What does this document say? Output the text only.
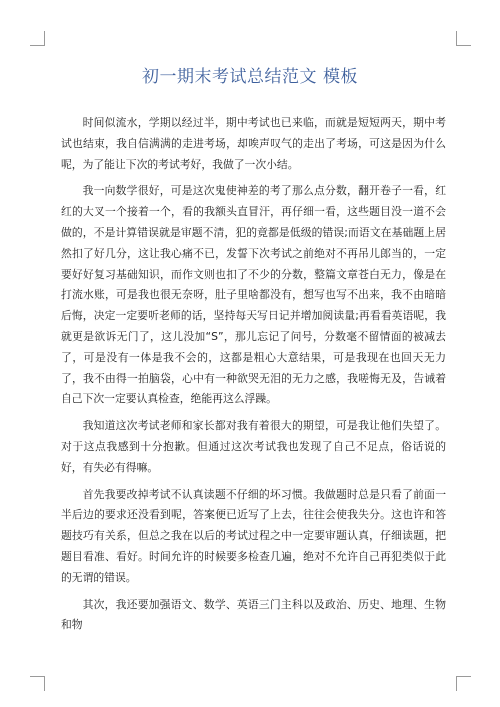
初一期末考试总结范文 模板

时间似流水，学期以经过半，期中考试也已来临，而就是短短两天，期中考试也结束，我自信满满的走进考场，却唉声叹气的走出了考场，可这是因为什么呢，为了能让下次的考试考好，我做了一次小结。

我一向数学很好，可是这次鬼使神差的考了那么点分数，翻开卷子一看，红红的大叉一个接着一个，看的我额头直冒汗，再仔细一看，这些题目没一道不会做的，不是计算错误就是审题不清，犯的竟都是低级的错误;而语文在基础题上居然扣了好几分，这让我心痛不已，发誓下次考试之前绝对不再吊儿郎当的，一定要好好复习基础知识，而作文则也扣了不少的分数，整篇文章苍白无力，像是在打流水账，可是我也很无奈呀，肚子里啥都没有，想写也写不出来，我不由暗暗后悔，决定一定要听老师的话，坚持每天写日记并增加阅读量;再看看英语呢，我就更是欲诉无门了，这儿没加“S”，那儿忘记了问号，分数毫不留情面的被减去了，可是没有一体是我不会的，这都是粗心大意结果，可是我现在也回天无力了，我不由得一拍脑袋，心中有一种欲哭无泪的无力之感，我嗟悔无及，告诫着自己下次一定要认真检查，绝能再这么浮躁。

我知道这次考试老师和家长都对我有着很大的期望，可是我让他们失望了。对于这点我感到十分抱歉。但通过这次考试我也发现了自己不足点，俗话说的好，有失必有得嘛。

首先我要改掉考试不认真读题不仔细的坏习惯。我做题时总是只看了前面一半后边的要求还没看到呢，答案便已近写了上去，往往会使我失分。这也许和答题技巧有关系，但总之我在以后的考试过程之中一定要审题认真，仔细读题，把题目看准、看好。时间允许的时候要多检查几遍，绝对不允许自己再犯类似于此的无谓的错误。

其次，我还要加强语文、数学、英语三门主科以及政治、历史、地理、生物和物
